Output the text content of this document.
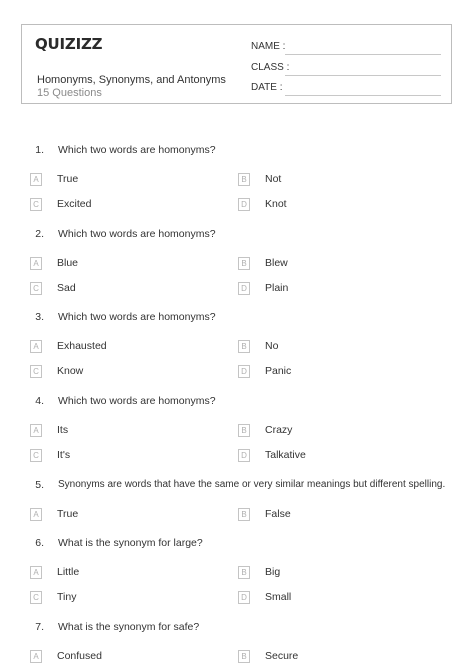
QUIZIZZ
Homonyms, Synonyms, and Antonyms
15 Questions
NAME :
CLASS :
DATE :
1. Which two words are homonyms?
A	True	B	Not
C Excited	D Knot
2. Which two words are homonyms?
A	Blue	B	Blew
C Sad	D Plain
3. Which two words are homonyms?
A	Exhausted	B	No
C Know	D Panic
4. Which two words are homonyms?
A	Its	B	Crazy
C It's	D Talkative
5. Synonyms are words that have the same or very similar meanings but different spelling.
A	True	B	False
6. What is the synonym for large?
A	Little	B	Big
C Tiny	D Small
7. What is the synonym for safe?
A	Confused	B	Secure
